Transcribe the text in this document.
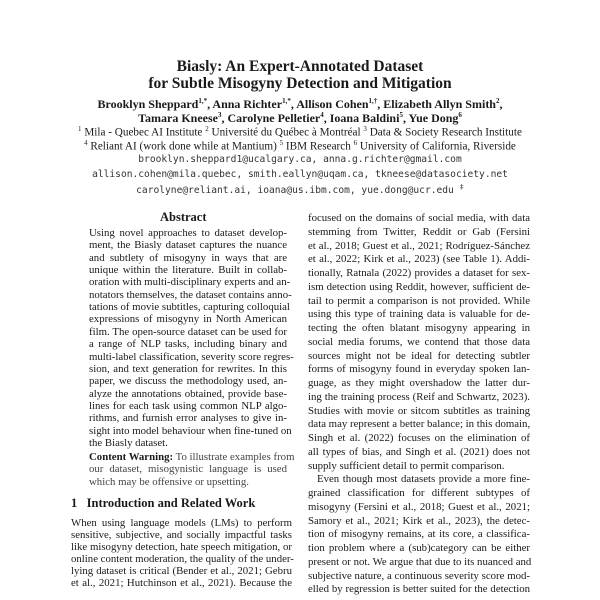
Biasly: An Expert-Annotated Dataset
for Subtle Misogyny Detection and Mitigation
Brooklyn Sheppard$^{1,*}$, Anna Richter$^{1,*}$, Allison Cohen$^{1,\dagger}$, Elizabeth Allyn Smith$^2$,
Tamara Kneese$^3$, Carolyne Pelletier$^4$, Ioana Baldini$^5$, Yue Dong$^6$
$^1$ Mila - Quebec AI Institute $^2$ Université du Québec à Montréal $^3$ Data & Society Research Institute
$^4$ Reliant AI (work done while at Mantium) $^5$ IBM Research $^6$ University of California, Riverside
brooklyn.sheppard1@ucalgary.ca, anna.g.richter@gmail.com
allison.cohen@mila.quebec, smith.eallyn@uqam.ca, tkneese@datasociety.net
carolyne@reliant.ai, ioana@us.ibm.com, yue.dong@ucr.edu ‡
Abstract
Using novel approaches to dataset develop-
ment, the Biasly dataset captures the nuance
and subtlety of misogyny in ways that are
unique within the literature. Built in collab-
oration with multi-disciplinary experts and an-
notators themselves, the dataset contains anno-
tations of movie subtitles, capturing colloquial
expressions of misogyny in North American
film. The open-source dataset can be used for
a range of NLP tasks, including binary and
multi-label classification, severity score regres-
sion, and text generation for rewrites. In this
paper, we discuss the methodology used, an-
alyze the annotations obtained, provide base-
lines for each task using common NLP algo-
rithms, and furnish error analyses to give in-
sight into model behaviour when fine-tuned on
the Biasly dataset.
Content Warning: To illustrate examples from
our dataset, misogynistic language is used
which may be offensive or upsetting.
1 Introduction and Related Work
When using language models (LMs) to perform
sensitive, subjective, and socially impactful tasks
like misogyny detection, hate speech mitigation, or
online content moderation, the quality of the under-
lying dataset is critical (Bender et al., 2021; Gebru
et al., 2021; Hutchinson et al., 2021). Because the
focused on the domains of social media, with data
stemming from Twitter, Reddit or Gab (Fersini
et al., 2018; Guest et al., 2021; Rodríguez-Sánchez
et al., 2022; Kirk et al., 2023) (see Table 1). Addi-
tionally, Ratnala (2022) provides a dataset for sex-
ism detection using Reddit, however, sufficient de-
tail to permit a comparison is not provided. While
using this type of training data is valuable for de-
tecting the often blatant misogyny appearing in
social media forums, we contend that those data
sources might not be ideal for detecting subtler
forms of misogyny found in everyday spoken lan-
guage, as they might overshadow the latter dur-
ing the training process (Reif and Schwartz, 2023).
Studies with movie or sitcom subtitles as training
data may represent a better balance; in this domain,
Singh et al. (2022) focuses on the elimination of
all types of bias, and Singh et al. (2021) does not
supply sufficient detail to permit comparison.
Even though most datasets provide a more fine-
grained classification for different subtypes of
misogyny (Fersini et al., 2018; Guest et al., 2021;
Samory et al., 2021; Kirk et al., 2023), the detec-
tion of misogyny remains, at its core, a classifica-
tion problem where a (sub)category can be either
present or not. We argue that due to its nuanced and
subjective nature, a continuous severity score mod-
elled by regression is better suited for the detection
